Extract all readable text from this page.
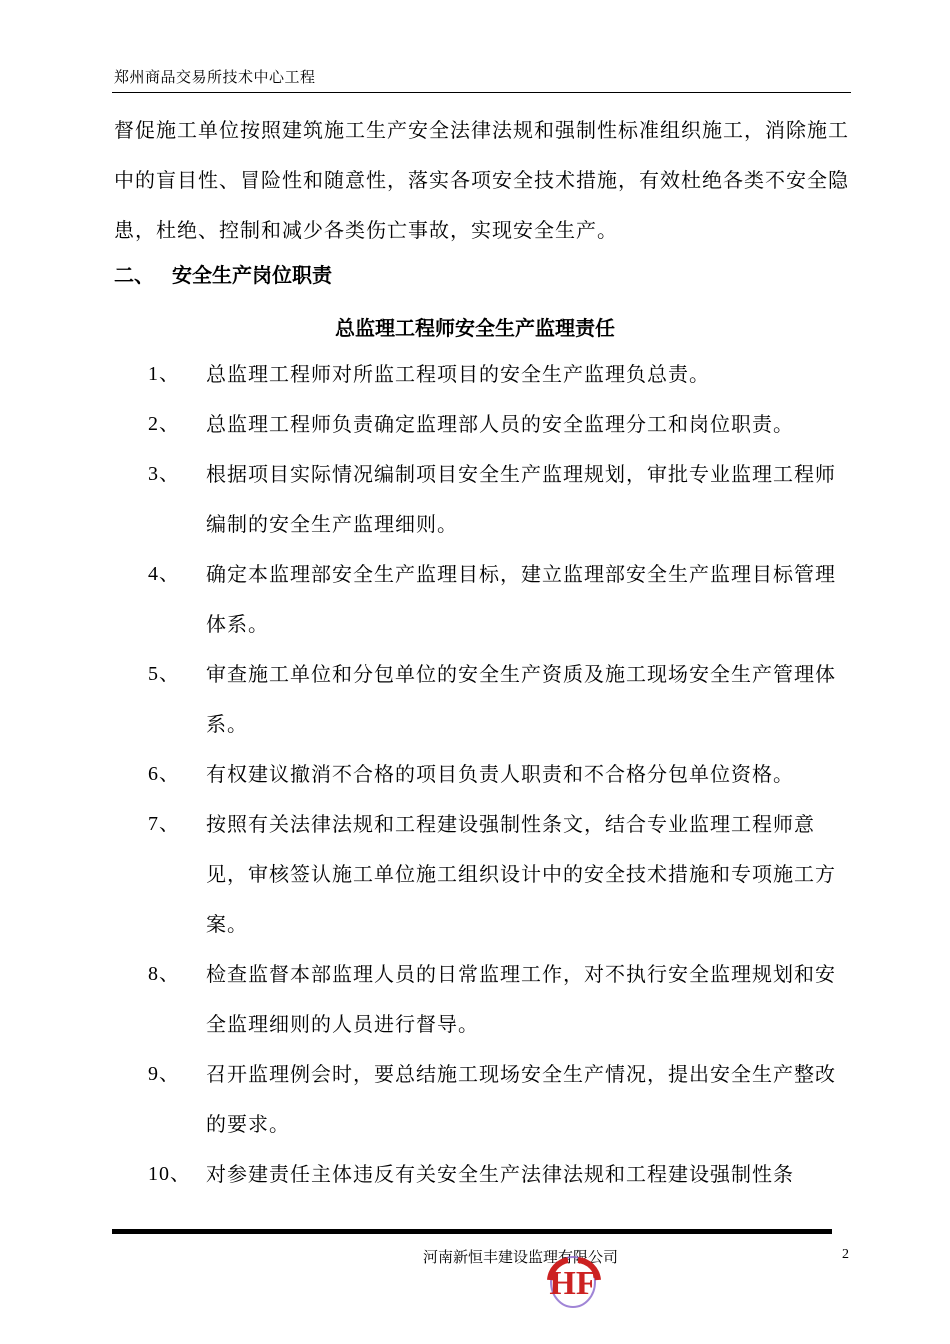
郑州商品交易所技术中心工程
督促施工单位按照建筑施工生产安全法律法规和强制性标准组织施工，消除施工中的盲目性、冒险性和随意性，落实各项安全技术措施，有效杜绝各类不安全隐患，杜绝、控制和减少各类伤亡事故，实现安全生产。
二、 安全生产岗位职责
总监理工程师安全生产监理责任
1、	总监理工程师对所监工程项目的安全生产监理负总责。
2、	总监理工程师负责确定监理部人员的安全监理分工和岗位职责。
3、	根据项目实际情况编制项目安全生产监理规划，审批专业监理工程师编制的安全生产监理细则。
4、	确定本监理部安全生产监理目标，建立监理部安全生产监理目标管理体系。
5、	审查施工单位和分包单位的安全生产资质及施工现场安全生产管理体系。
6、	有权建议撤消不合格的项目负责人职责和不合格分包单位资格。
7、	按照有关法律法规和工程建设强制性条文，结合专业监理工程师意见，审核签认施工单位施工组织设计中的安全技术措施和专项施工方案。
8、	检查监督本部监理人员的日常监理工作，对不执行安全监理规划和安全监理细则的人员进行督导。
9、	召开监理例会时，要总结施工现场安全生产情况，提出安全生产整改的要求。
10、 对参建责任主体违反有关安全生产法律法规和工程建设强制性条
河南新恒丰建设监理有限公司	2
HF
